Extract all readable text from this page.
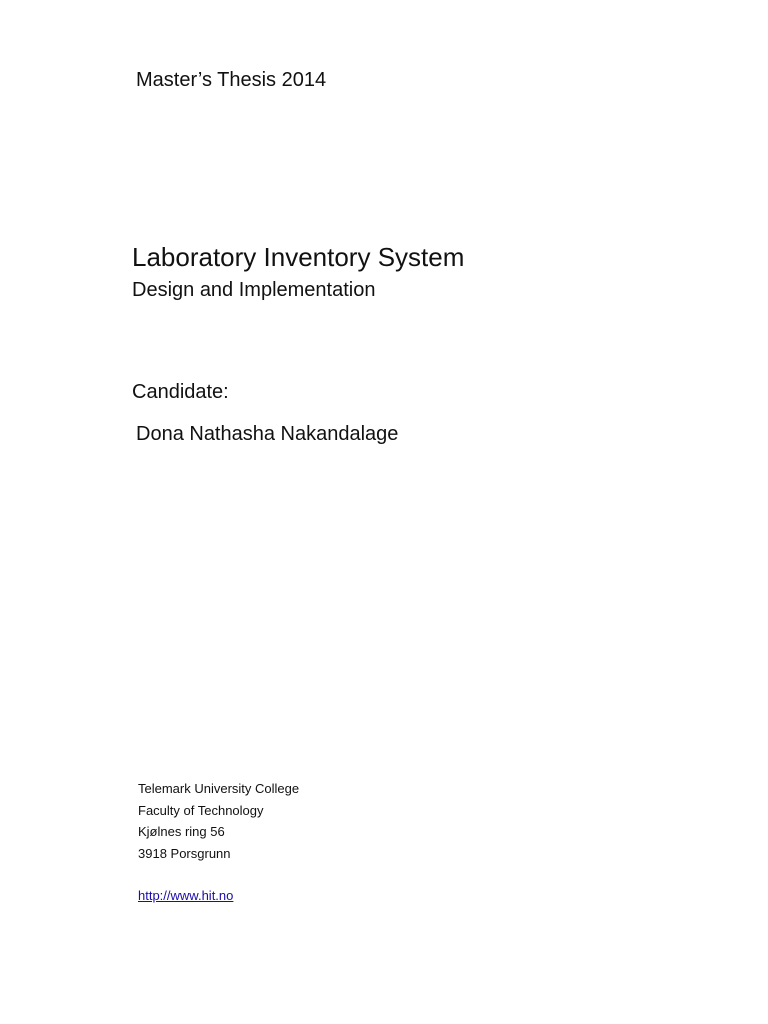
Master’s Thesis 2014

Laboratory Inventory System
Design and Implementation

Candidate:

Dona Nathasha Nakandalage

Telemark University College
Faculty of Technology
Kjølnes ring 56
3918 Porsgrunn
http://www.hit.no
